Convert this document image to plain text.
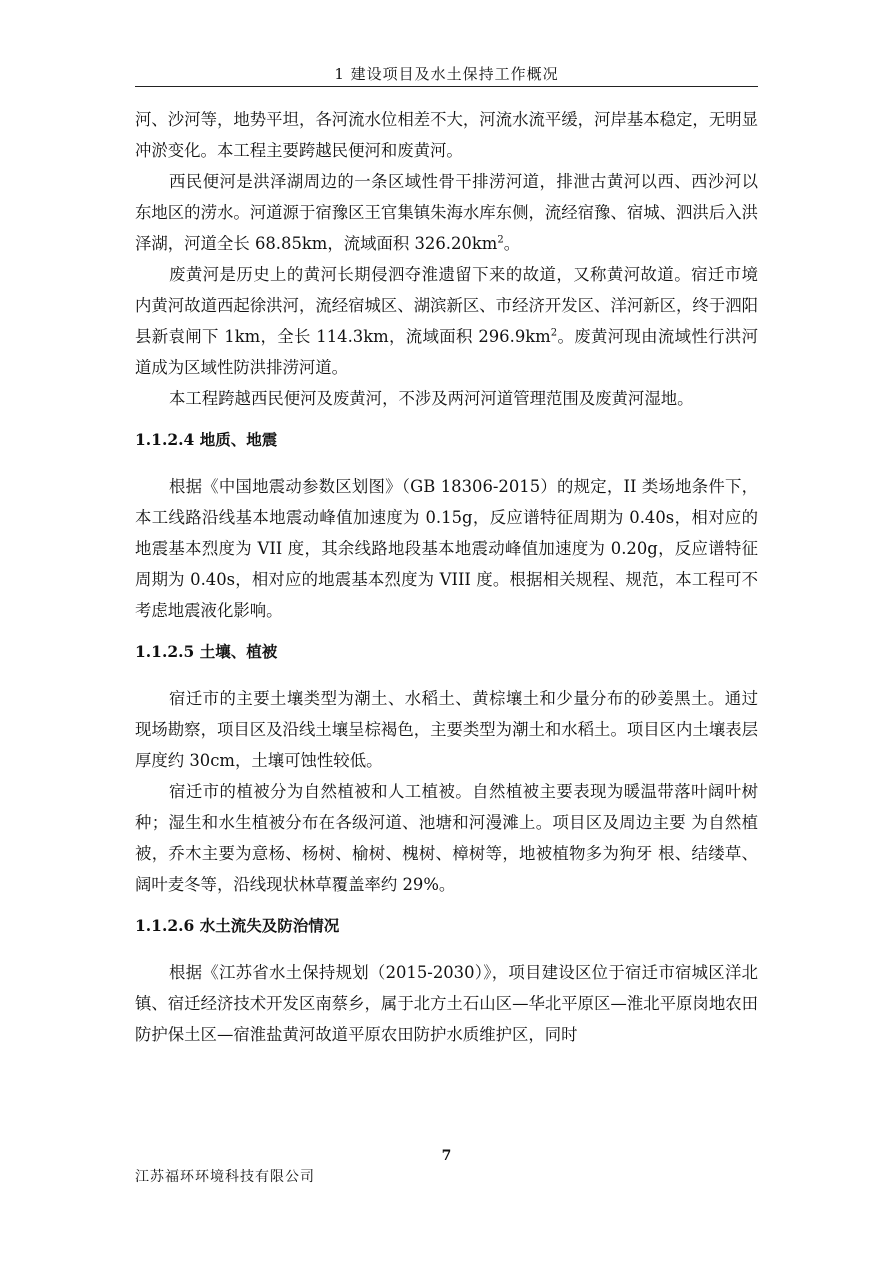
1 建设项目及水土保持工作概况

河、沙河等，地势平坦，各河流水位相差不大，河流水流平缓，河岸基本稳定，无明显冲淤变化。本工程主要跨越民便河和废黄河。

西民便河是洪泽湖周边的一条区域性骨干排涝河道，排泄古黄河以西、西沙河以东地区的涝水。河道源于宿豫区王官集镇朱海水库东侧，流经宿豫、宿城、泗洪后入洪泽湖，河道全长 68.85km，流域面积 $326.20km^2$。

废黄河是历史上的黄河长期侵泗夺淮遗留下来的故道，又称黄河故道。宿迁市境内黄河故道西起徐洪河，流经宿城区、湖滨新区、市经济开发区、洋河新区，终于泗阳县新袁闸下 1km，全长 114.3km，流域面积 $296.9km^2$。废黄河现由流域性行洪河道成为区域性防洪排涝河道。

本工程跨越西民便河及废黄河，不涉及两河河道管理范围及废黄河湿地。

1.1.2.4 地质、地震

根据《中国地震动参数区划图》（GB 18306-2015）的规定，II 类场地条件下，本工线路沿线基本地震动峰值加速度为 0.15g，反应谱特征周期为 0.40s，相对应的地震基本烈度为 VII 度，其余线路地段基本地震动峰值加速度为 0.20g，反应谱特征周期为 0.40s，相对应的地震基本烈度为 VIII 度。根据相关规程、规范，本工程可不考虑地震液化影响。

1.1.2.5 土壤、植被

宿迁市的主要土壤类型为潮土、水稻土、黄棕壤土和少量分布的砂姜黑土。通过现场勘察，项目区及沿线土壤呈棕褐色，主要类型为潮土和水稻土。项目区内土壤表层厚度约 30cm，土壤可蚀性较低。

宿迁市的植被分为自然植被和人工植被。自然植被主要表现为暖温带落叶阔叶树种；湿生和水生植被分布在各级河道、池塘和河漫滩上。项目区及周边主要 为自然植被，乔木主要为意杨、杨树、榆树、槐树、樟树等，地被植物多为狗牙 根、结缕草、阔叶麦冬等，沿线现状林草覆盖率约 29%。

1.1.2.6 水土流失及防治情况

根据《江苏省水土保持规划（2015-2030）》，项目建设区位于宿迁市宿城区洋北镇、宿迁经济技术开发区南蔡乡，属于北方土石山区—华北平原区—淮北平原岗地农田防护保土区—宿淮盐黄河故道平原农田防护水质维护区，同时

7
江苏福环环境科技有限公司
